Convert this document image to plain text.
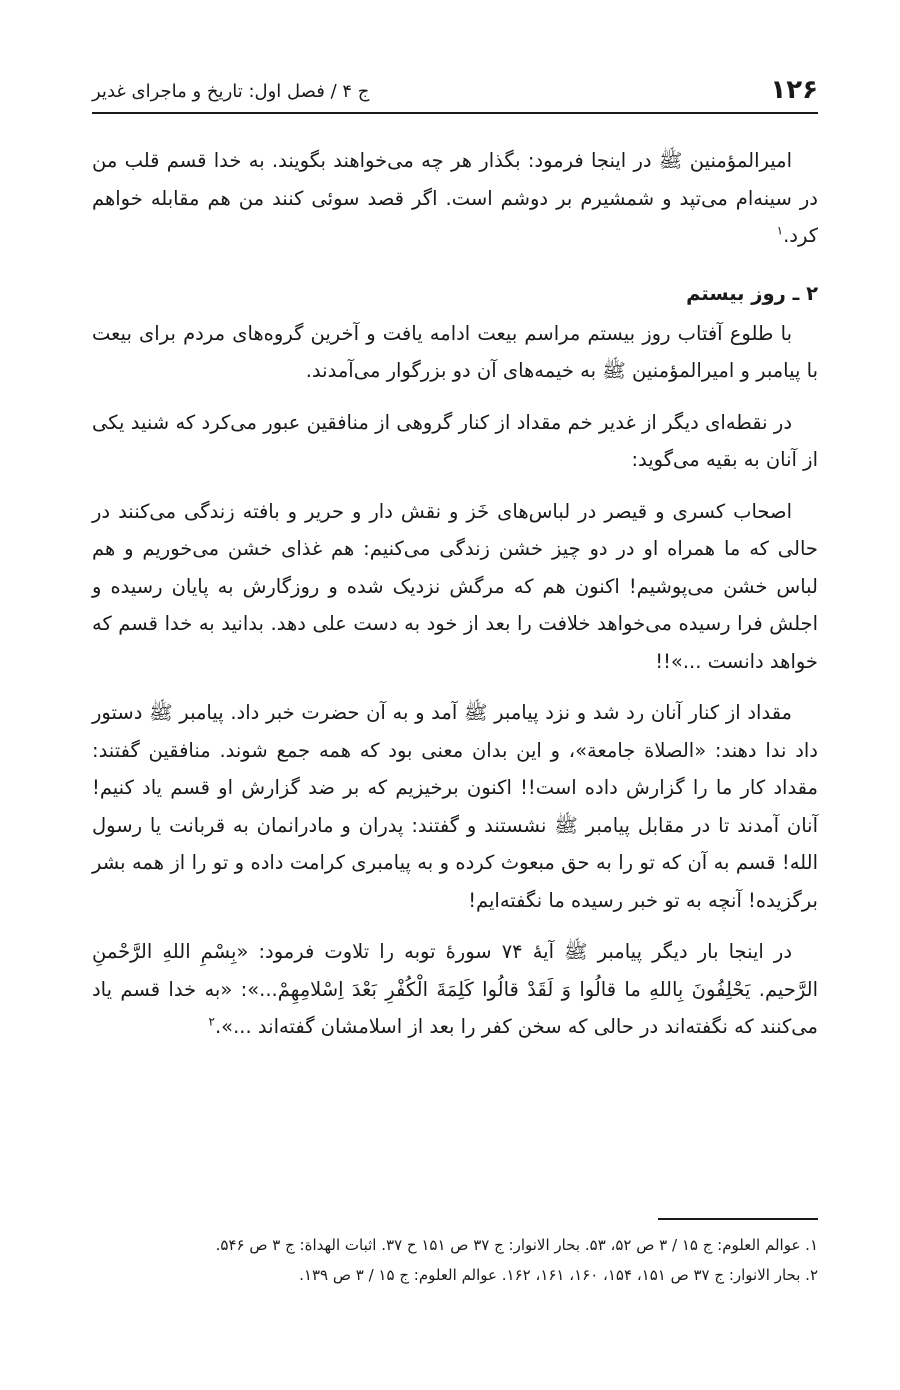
۱۲۶
ج ۴ / فصل اول: تاریخ و ماجرای غدیر

امیرالمؤمنین ﷺ در اینجا فرمود: بگذار هر چه می‌خواهند بگویند. به خدا قسم قلب من در سینه‌ام می‌تپد و شمشیرم بر دوشم است. اگر قصد سوئی کنند من هم مقابله خواهم کرد.$^۱$

۲ ـ روز بیستم

با طلوع آفتاب روز بیستم مراسم بیعت ادامه یافت و آخرین گروه‌های مردم برای بیعت با پیامبر و امیرالمؤمنین ﷺ به خیمه‌های آن دو بزرگوار می‌آمدند.

در نقطه‌ای دیگر از غدیر خم مقداد از کنار گروهی از منافقین عبور می‌کرد که شنید یکی از آنان به بقیه می‌گوید:

اصحاب کسری و قیصر در لباس‌های خَز و نقش دار و حریر و بافته زندگی می‌کنند در حالی که ما همراه او در دو چیز خشن زندگی می‌کنیم: هم غذای خشن می‌خوریم و هم لباس خشن می‌پوشیم! اکنون هم که مرگش نزدیک شده و روزگارش به پایان رسیده و اجلش فرا رسیده می‌خواهد خلافت را بعد از خود به دست علی دهد. بدانید به خدا قسم که خواهد دانست ...»!!

مقداد از کنار آنان رد شد و نزد پیامبر ﷺ آمد و به آن حضرت خبر داد. پیامبر ﷺ دستور داد ندا دهند: «الصلاة جامعة»، و این بدان معنی بود که همه جمع شوند. منافقین گفتند: مقداد کار ما را گزارش داده است!! اکنون برخیزیم که بر ضد گزارش او قسم یاد کنیم! آنان آمدند تا در مقابل پیامبر ﷺ نشستند و گفتند: پدران و مادرانمان به قربانت یا رسول الله! قسم به آن که تو را به حق مبعوث کرده و به پیامبری کرامت داده و تو را از همه بشر برگزیده! آنچه به تو خبر رسیده ما نگفته‌ایم!

در اینجا بار دیگر پیامبر ﷺ آیهٔ ۷۴ سورهٔ توبه را تلاوت فرمود: «بِسْمِ اللهِ الرَّحْمنِ الرَّحیم. یَحْلِفُونَ بِاللهِ ما قالُوا وَ لَقَدْ قالُوا کَلِمَةَ الْکُفْرِ بَعْدَ اِسْلامِهِمْ...»: «به خدا قسم یاد می‌کنند که نگفته‌اند در حالی که سخن کفر را بعد از اسلامشان گفته‌اند ...».$^۲$

۱. عوالم العلوم: ج ۱۵ / ۳ ص ۵۲، ۵۳. بحار الانوار: ج ۳۷ ص ۱۵۱ ح ۳۷. اثبات الهداة: ج ۳ ص ۵۴۶.

۲. بحار الانوار: ج ۳۷ ص ۱۵۱، ۱۵۴، ۱۶۰، ۱۶۱، ۱۶۲. عوالم العلوم: ج ۱۵ / ۳ ص ۱۳۹.
